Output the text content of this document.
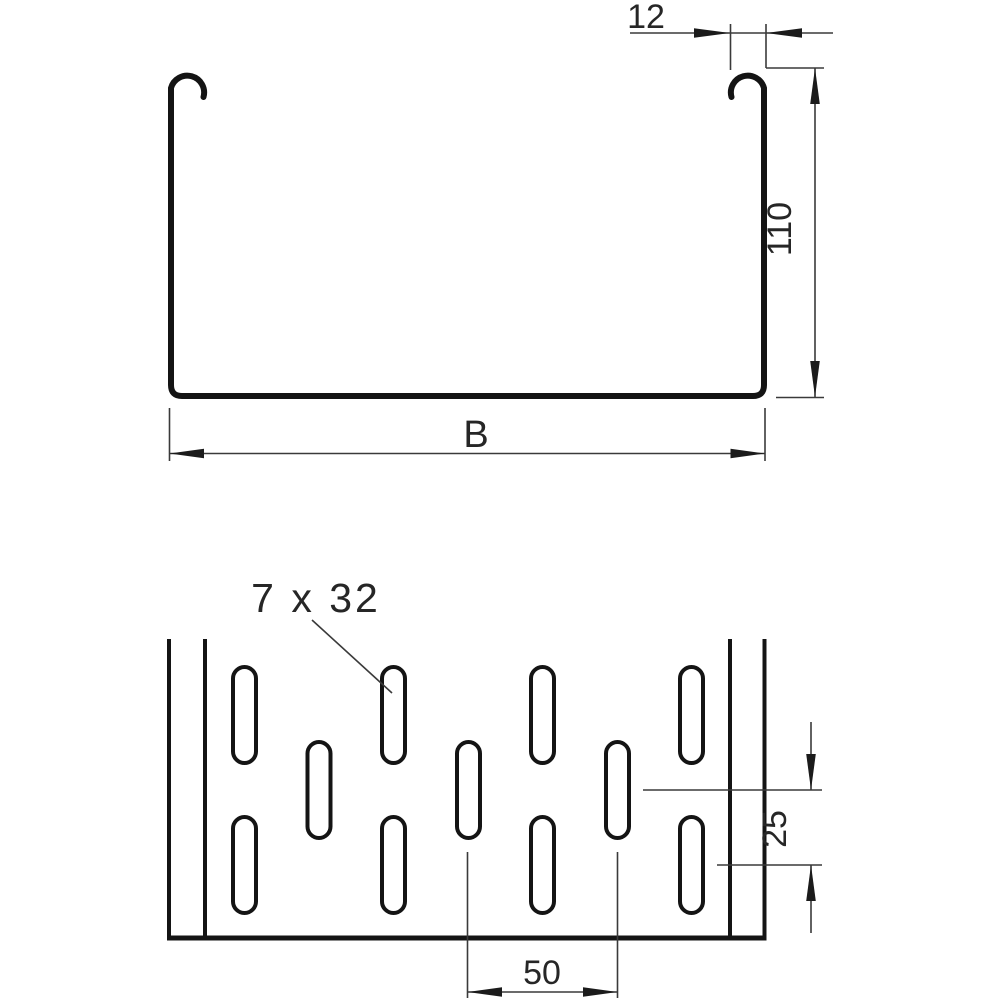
12
110
B
7 x 32
25
50
